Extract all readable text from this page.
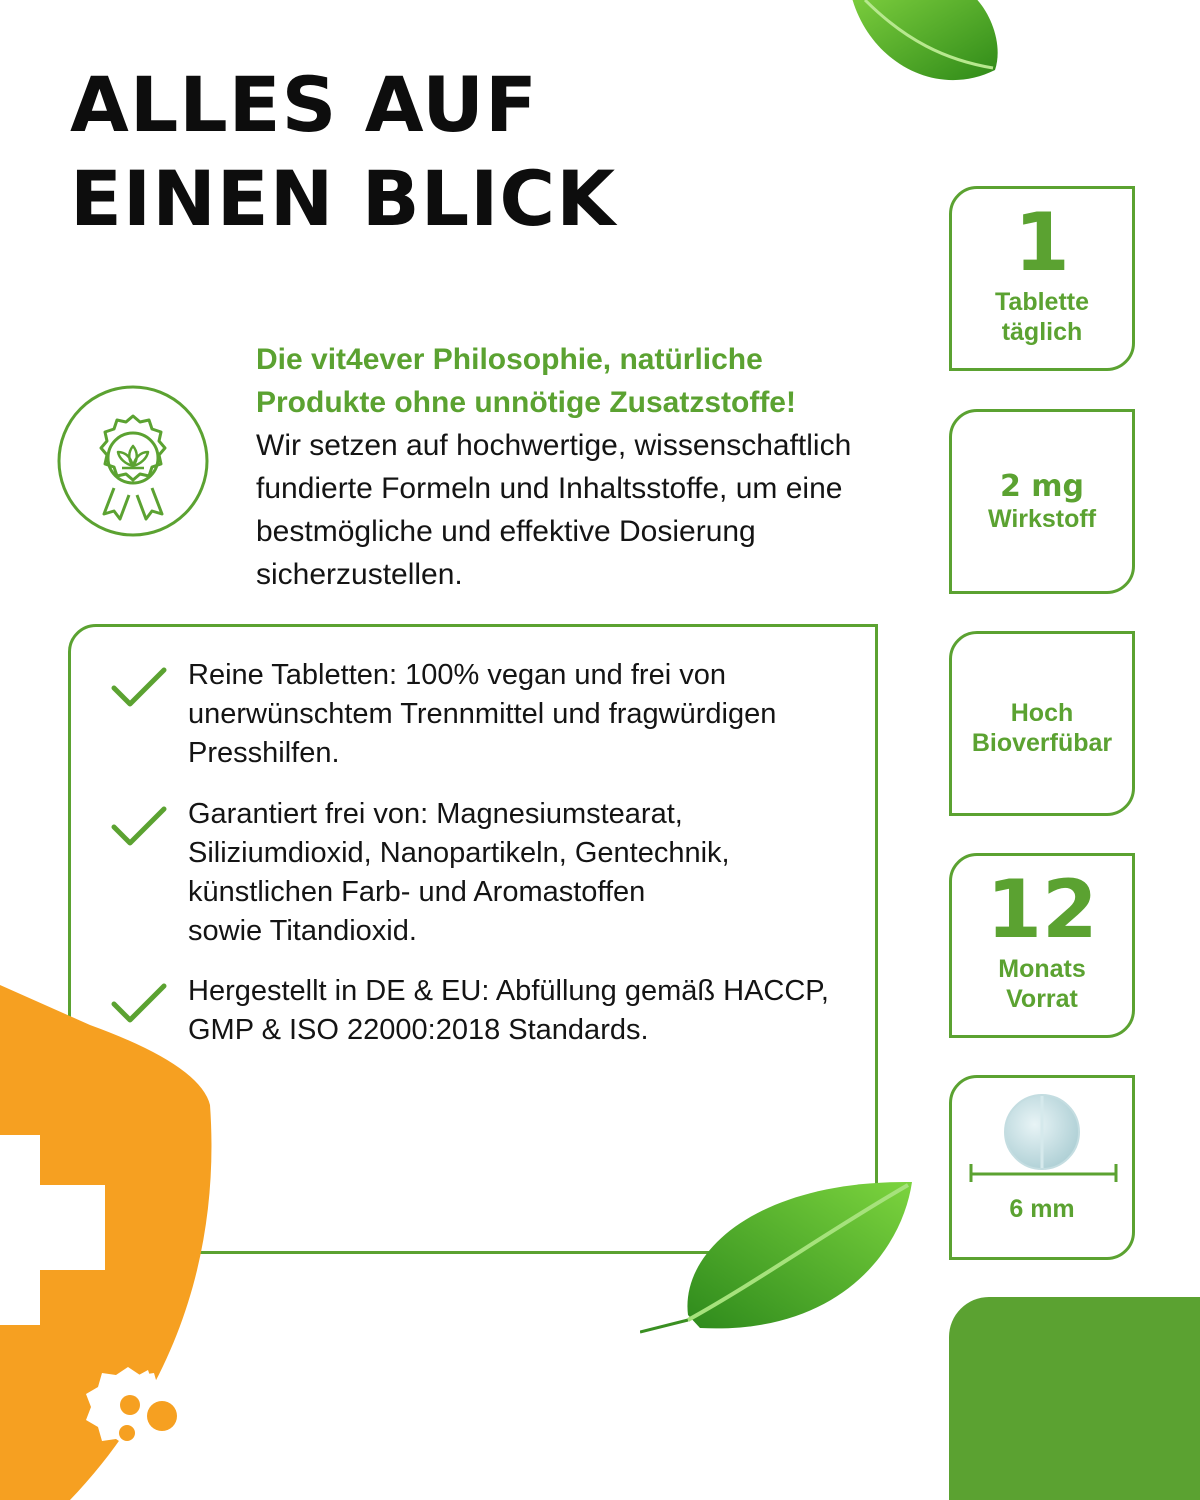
ALLES AUF
EINEN BLICK
Die vit4ever Philosophie, natürliche
Produkte ohne unnötige Zusatzstoffe!
Wir setzen auf hochwertige, wissenschaftlich fundierte Formeln und Inhaltsstoffe, um eine bestmögliche und effektive Dosierung sicherzustellen.
Reine Tabletten: 100% vegan und frei von
unerwünschtem Trennmittel und fragwürdigen
Presshilfen.
Garantiert frei von: Magnesiumstearat,
Siliziumdioxid, Nanopartikeln, Gentechnik,
künstlichen Farb- und Aromastoffen
sowie Titandioxid.
Hergestellt in DE & EU: Abfüllung gemäß HACCP,
GMP & ISO 22000:2018 Standards.
1
Tablette
täglich
2 mg
Wirkstoff
Hoch
Bioverfübar
12
Monats
Vorrat
6 mm
